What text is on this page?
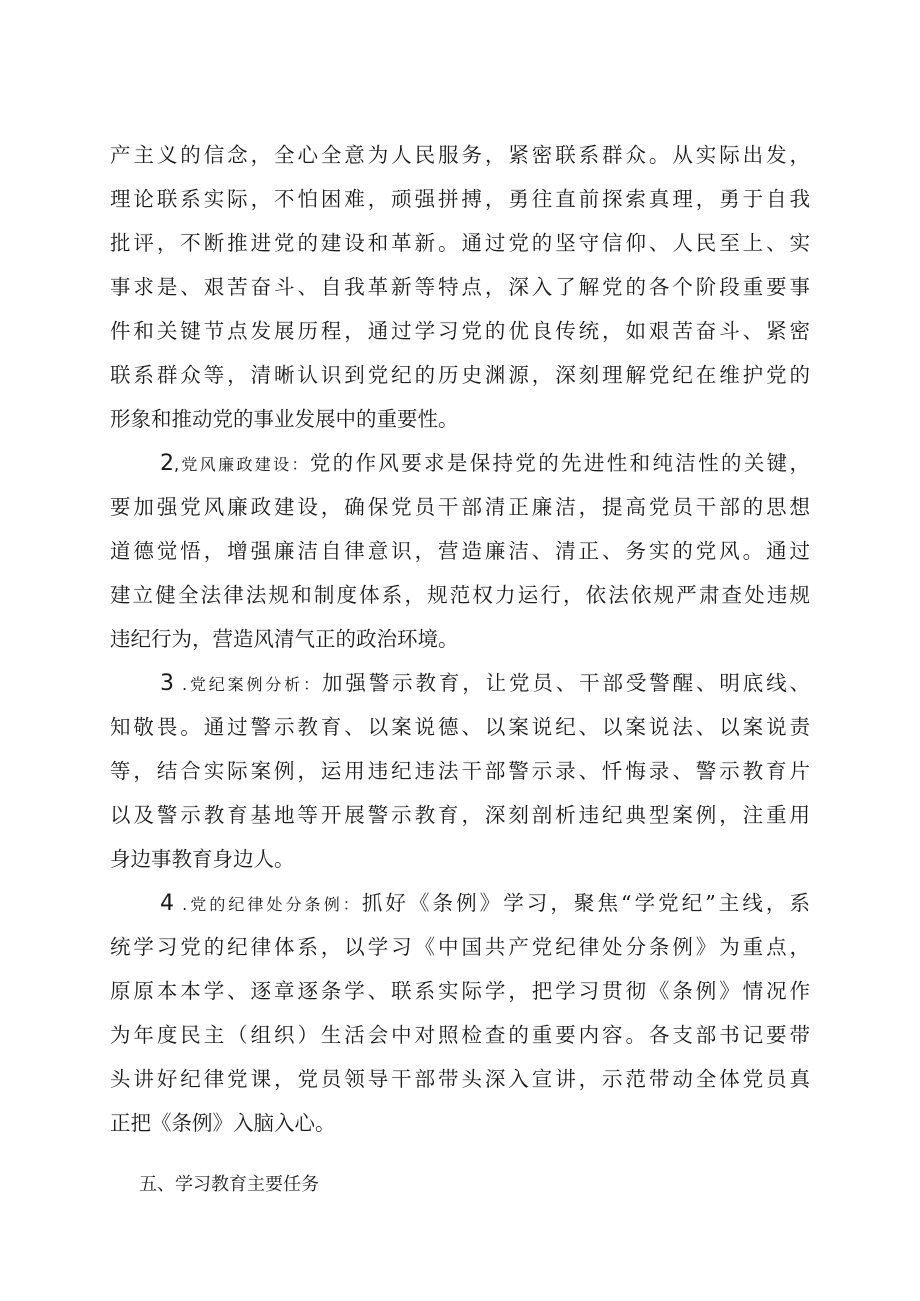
产主义的信念，全心全意为人民服务，紧密联系群众。从实际出发，
理论联系实际，不怕困难，顽强拼搏，勇往直前探索真理，勇于自我
批评，不断推进党的建设和革新。通过党的坚守信仰、人民至上、实
事求是、艰苦奋斗、自我革新等特点，深入了解党的各个阶段重要事
件和关键节点发展历程，通过学习党的优良传统，如艰苦奋斗、紧密
联系群众等，清晰认识到党纪的历史渊源，深刻理解党纪在维护党的
形象和推动党的事业发展中的重要性。
2,党风廉政建设：党的作风要求是保持党的先进性和纯洁性的关键，
要加强党风廉政建设，确保党员干部清正廉洁，提高党员干部的思想
道德觉悟，增强廉洁自律意识，营造廉洁、清正、务实的党风。通过
建立健全法律法规和制度体系，规范权力运行，依法依规严肃查处违规
违纪行为，营造风清气正的政治环境。
3 .党纪案例分析：加强警示教育，让党员、干部受警醒、明底线、
知敬畏。通过警示教育、以案说德、以案说纪、以案说法、以案说责
等，结合实际案例，运用违纪违法干部警示录、忏悔录、警示教育片
以及警示教育基地等开展警示教育，深刻剖析违纪典型案例，注重用
身边事教育身边人。
4 .党的纪律处分条例：抓好《条例》学习，聚焦“学党纪”主线，系
统学习党的纪律体系，以学习《中国共产党纪律处分条例》为重点，
原原本本学、逐章逐条学、联系实际学，把学习贯彻《条例》情况作
为年度民主（组织）生活会中对照检查的重要内容。各支部书记要带
头讲好纪律党课，党员领导干部带头深入宣讲，示范带动全体党员真
正把《条例》入脑入心。
五、学习教育主要任务
